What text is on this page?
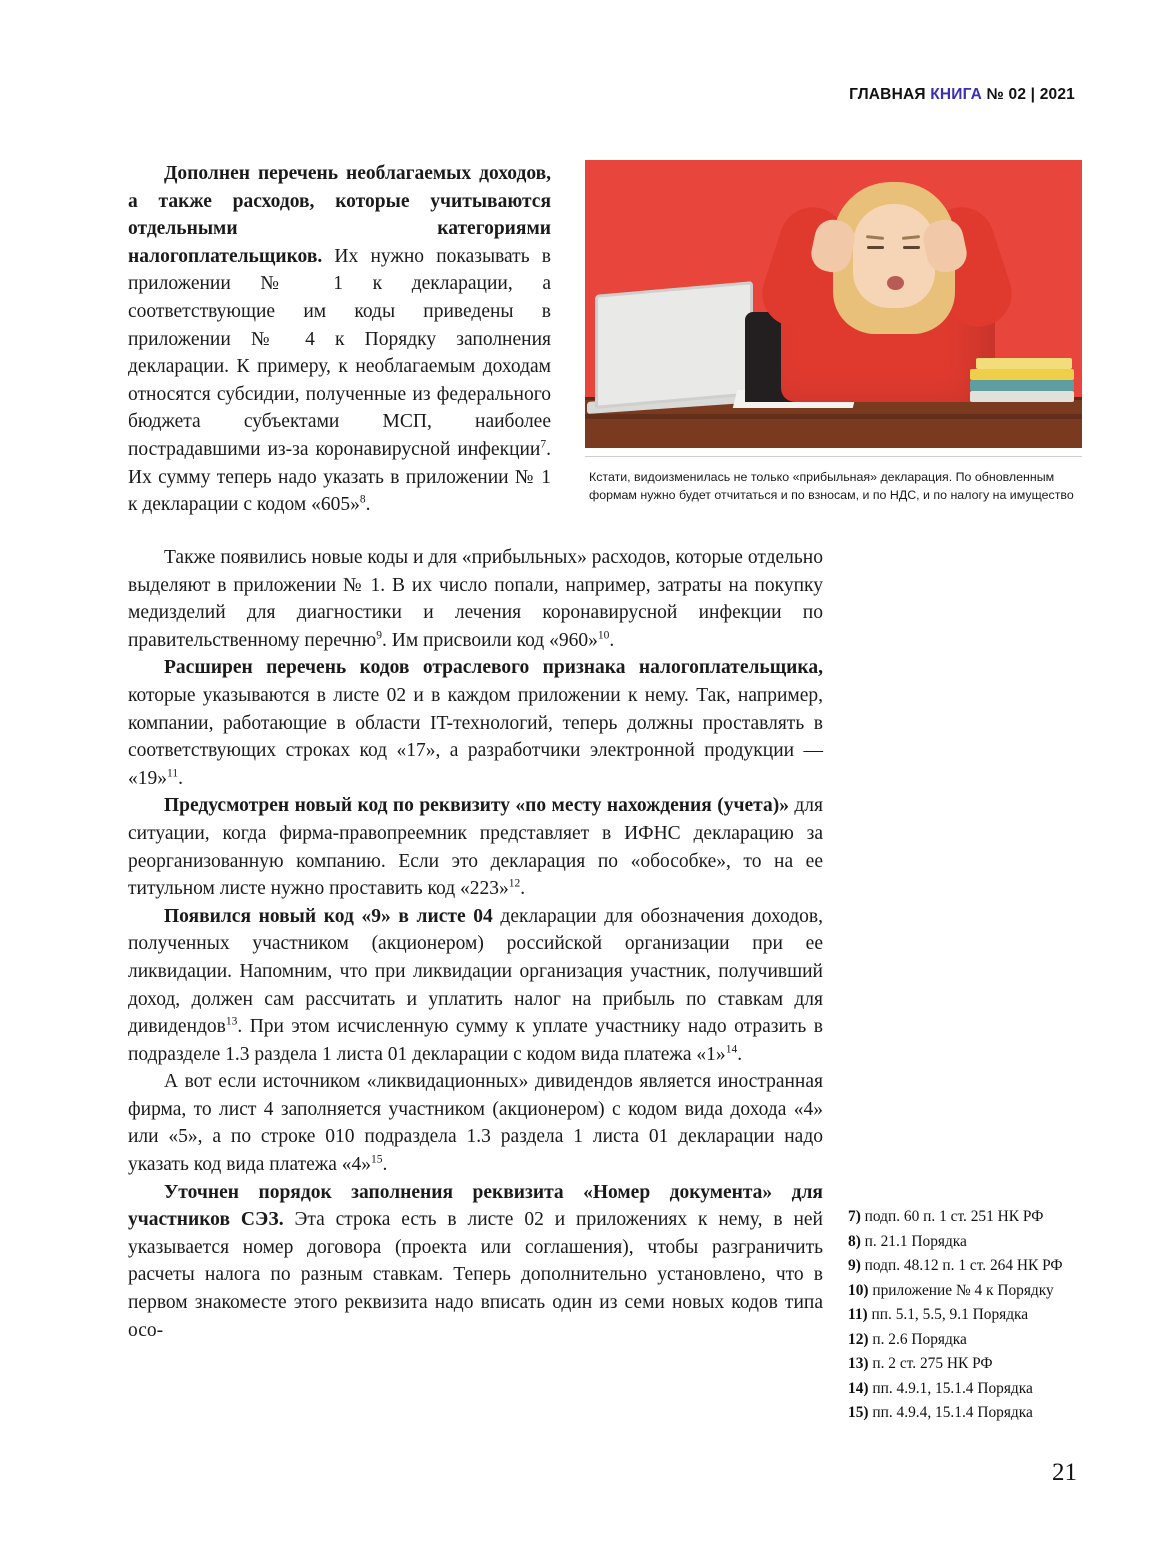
ГЛАВНАЯ КНИГА № 02 | 2021
Кстати, видоизменилась не только «прибыльная» декларация. По обновленным формам нужно будет отчитаться и по взносам, и по НДС, и по налогу на имущество

Дополнен перечень необлагаемых доходов, а также расходов, которые учитываются отдельными категориями налогоплательщиков. Их нужно показывать в приложении № 1 к декларации, а соответствующие им коды приведены в приложении № 4 к Порядку заполнения декларации. К примеру, к необлагаемым доходам относятся субсидии, полученные из федерального бюджета субъектами МСП, наиболее пострадавшими из-за коронавирусной инфекции$^7$. Их сумму теперь надо указать в приложении № 1 к декларации с кодом «605»$^8$.

Также появились новые коды и для «прибыльных» расходов, которые отдельно выделяют в приложении № 1. В их число попали, например, затраты на покупку медизделий для диагностики и лечения коронавирусной инфекции по правительственному перечню$^9$. Им присвоили код «960»$^{10}$.

Расширен перечень кодов отраслевого признака налогоплательщика, которые указываются в листе 02 и в каждом приложении к нему. Так, например, компании, работающие в области IT-технологий, теперь должны проставлять в соответствующих строках код «17», а разработчики электронной продукции — «19»$^{11}$.

Предусмотрен новый код по реквизиту «по месту нахождения (учета)» для ситуации, когда фирма-правопреемник представляет в ИФНС декларацию за реорганизованную компанию. Если это декларация по «обособке», то на ее титульном листе нужно проставить код «223»$^{12}$.

Появился новый код «9» в листе 04 декларации для обозначения доходов, полученных участником (акционером) российской организации при ее ликвидации. Напомним, что при ликвидации организация участник, получивший доход, должен сам рассчитать и уплатить налог на прибыль по ставкам для дивидендов$^{13}$. При этом исчисленную сумму к уплате участнику надо отразить в подразделе 1.3 раздела 1 листа 01 декларации с кодом вида платежа «1»$^{14}$.

А вот если источником «ликвидационных» дивидендов является иностранная фирма, то лист 4 заполняется участником (акционером) с кодом вида дохода «4» или «5», а по строке 010 подраздела 1.3 раздела 1 листа 01 декларации надо указать код вида платежа «4»$^{15}$.

Уточнен порядок заполнения реквизита «Номер документа» для участников СЭЗ. Эта строка есть в листе 02 и приложениях к нему, в ней указывается номер договора (проекта или соглашения), чтобы разграничить расчеты налога по разным ставкам. Теперь дополнительно установлено, что в первом знакоместе этого реквизита надо вписать один из семи новых кодов типа осо-

7) подп. 60 п. 1 ст. 251 НК РФ
8) п. 21.1 Порядка
9) подп. 48.12 п. 1 ст. 264 НК РФ
10) приложение № 4 к Порядку
11) пп. 5.1, 5.5, 9.1 Порядка
12) п. 2.6 Порядка
13) п. 2 ст. 275 НК РФ
14) пп. 4.9.1, 15.1.4 Порядка
15) пп. 4.9.4, 15.1.4 Порядка
21
